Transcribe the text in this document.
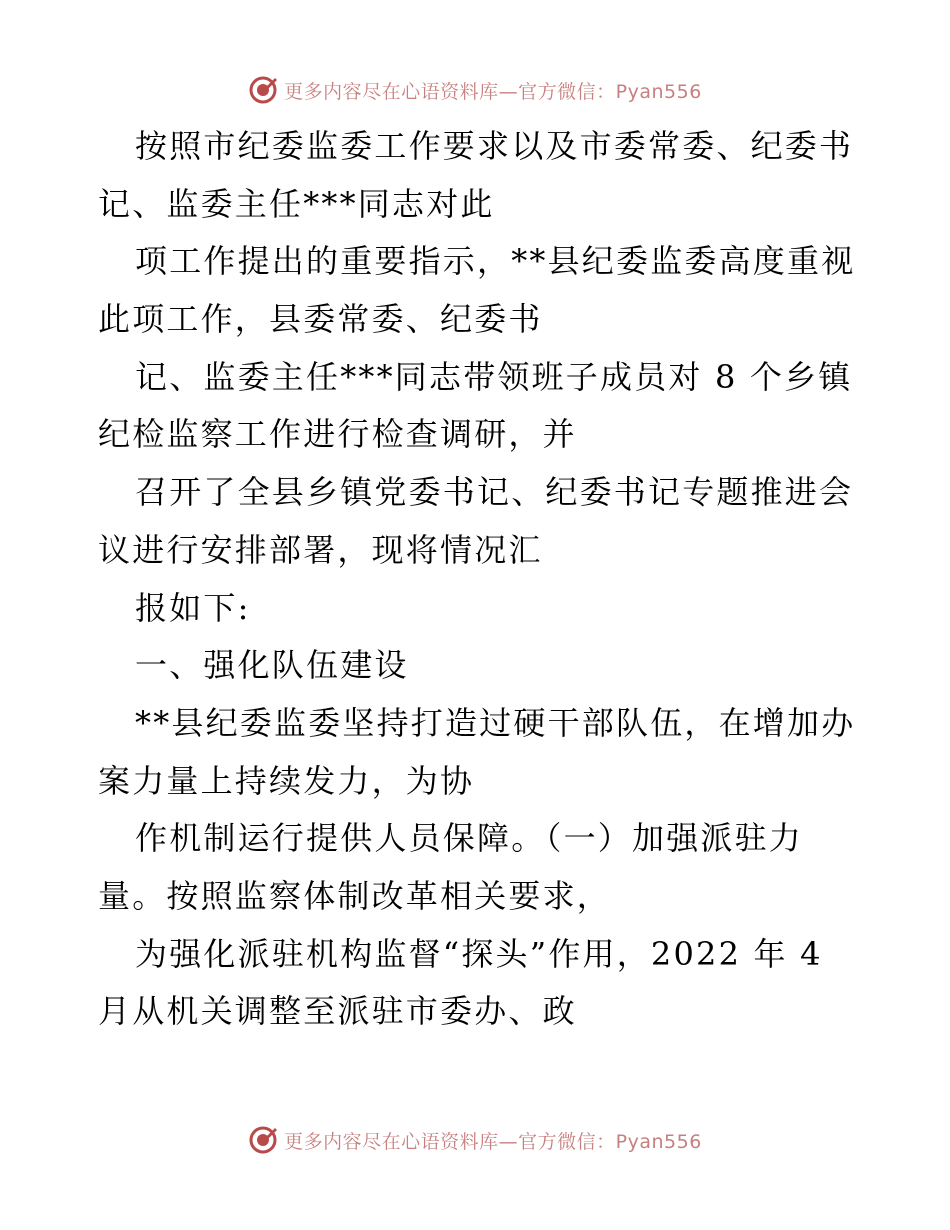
更多内容尽在心语资料库—官方微信：Pyan556
按照市纪委监委工作要求以及市委常委、纪委书
记、监委主任***同志对此
项工作提出的重要指示，**县纪委监委高度重视
此项工作，县委常委、纪委书
记、监委主任***同志带领班子成员对 8 个乡镇
纪检监察工作进行检查调研，并
召开了全县乡镇党委书记、纪委书记专题推进会
议进行安排部署，现将情况汇
报如下:
一、强化队伍建设
**县纪委监委坚持打造过硬干部队伍，在增加办
案力量上持续发力，为协
作机制运行提供人员保障。（一）加强派驻力
量。按照监察体制改革相关要求，
为强化派驻机构监督“探头”作用，2022 年 4
月从机关调整至派驻市委办、政
更多内容尽在心语资料库—官方微信：Pyan556
